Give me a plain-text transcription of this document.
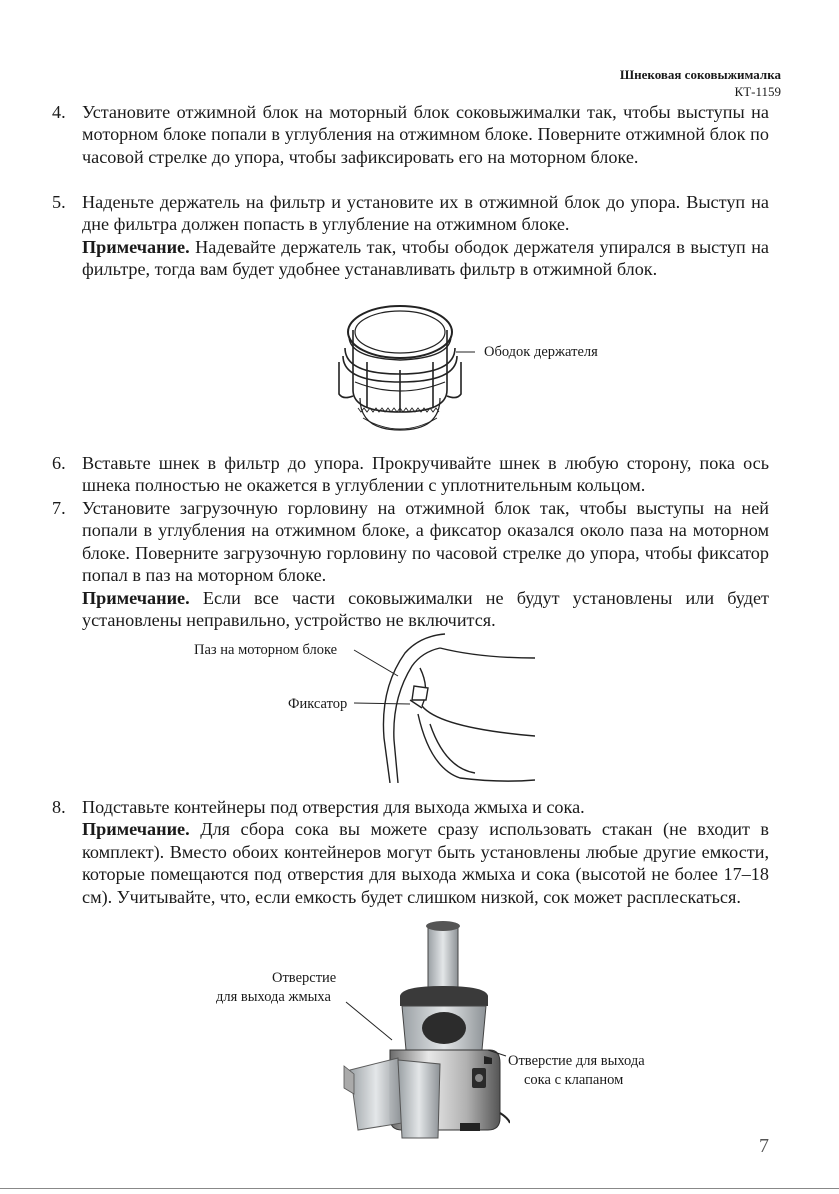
Шнековая соковыжималка
КТ-1159
4. Установите отжимной блок на моторный блок соковыжималки так, чтобы выступы на моторном блоке попали в углубления на отжимном блоке. Поверните отжимной блок по часовой стрелке до упора, чтобы зафиксировать его на моторном блоке.
5. Наденьте держатель на фильтр и установите их в отжимной блок до упора. Выступ на дне фильтра должен попасть в углубление на отжимном блоке.
Примечание. Надевайте держатель так, чтобы ободок держателя упирался в выступ на фильтре, тогда вам будет удобнее устанавливать фильтр в отжимной блок.
Ободок держателя
6. Вставьте шнек в фильтр до упора. Прокручивайте шнек в любую сторону, пока ось шнека полностью не окажется в углублении с уплотнительным кольцом.
7. Установите загрузочную горловину на отжимной блок так, чтобы выступы на ней попали в углубления на отжимном блоке, а фиксатор оказался около паза на моторном блоке. Поверните загрузочную горловину по часовой стрелке до упора, чтобы фиксатор попал в паз на моторном блоке.
Примечание. Если все части соковыжималки не будут установлены или будет установлены неправильно, устройство не включится.
Паз на моторном блоке
Фиксатор
8. Подставьте контейнеры под отверстия для выхода жмыха и сока.
Примечание. Для сбора сока вы можете сразу использовать стакан (не входит в комплект). Вместо обоих контейнеров могут быть установлены любые другие емкости, которые помещаются под отверстия для выхода жмыха и сока (высотой не более 17–18 см). Учитывайте, что, если емкость будет слишком низкой, сок может расплескаться.
Отверстие
для выхода жмыха
Отверстие для выхода
сока с клапаном
7
